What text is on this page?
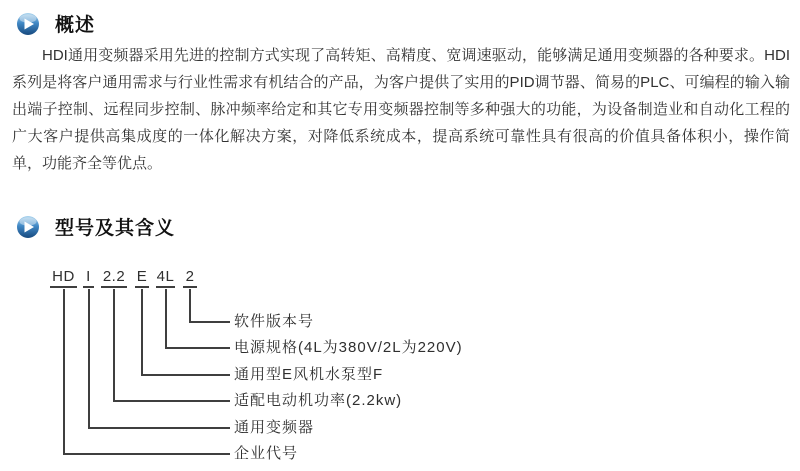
概述

HDI通用变频器采用先进的控制方式实现了高转矩、高精度、宽调速驱动，能够满足通用变频器的各种要求。HDI系列是将客户通用需求与行业性需求有机结合的产品，为客户提供了实用的PID调节器、简易的PLC、可编程的输入输出端子控制、远程同步控制、脉冲频率给定和其它专用变频器控制等多种强大的功能，为设备制造业和自动化工程的广大客户提供高集成度的一体化解决方案，对降低系统成本，提高系统可靠性具有很高的价值具备体积小，操作简单，功能齐全等优点。

型号及其含义
HD I 2.2 E 4L 2
软件版本号
电源规格(4L为380V/2L为220V)
通用型E风机水泵型F
适配电动机功率(2.2kw)
通用变频器
企业代号
